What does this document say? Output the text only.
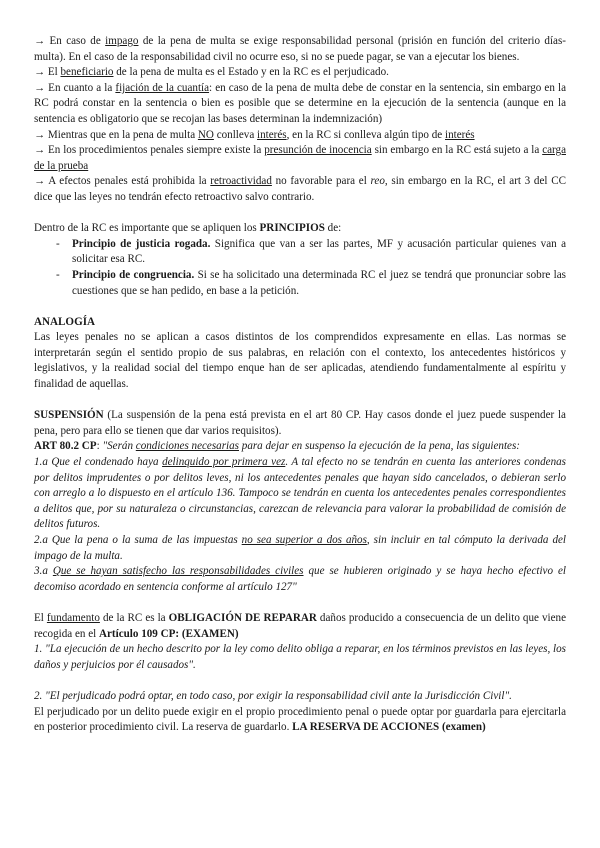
→ En caso de impago de la pena de multa se exige responsabilidad personal (prisión en función del criterio días-multa). En el caso de la responsabilidad civil no ocurre eso, si no se puede pagar, se van a ejecutar los bienes.

→ El beneficiario de la pena de multa es el Estado y en la RC es el perjudicado.

→ En cuanto a la fijación de la cuantía: en caso de la pena de multa debe de constar en la sentencia, sin embargo en la RC podrá constar en la sentencia o bien es posible que se determine en la ejecución de la sentencia (aunque en la sentencia es obligatorio que se recojan las bases determinan la indemnización)

→ Mientras que en la pena de multa NO conlleva interés, en la RC si conlleva algún tipo de interés

→ En los procedimientos penales siempre existe la presunción de inocencia sin embargo en la RC está sujeto a la carga de la prueba

→ A efectos penales está prohibida la retroactividad no favorable para el reo, sin embargo en la RC, el art 3 del CC dice que las leyes no tendrán efecto retroactivo salvo contrario.

Dentro de la RC es importante que se apliquen los PRINCIPIOS de:

- Principio de justicia rogada. Significa que van a ser las partes, MF y acusación particular quienes van a solicitar esa RC.
- Principio de congruencia. Si se ha solicitado una determinada RC el juez se tendrá que pronunciar sobre las cuestiones que se han pedido, en base a la petición.

ANALOGÍA

Las leyes penales no se aplican a casos distintos de los comprendidos expresamente en ellas. Las normas se interpretarán según el sentido propio de sus palabras, en relación con el contexto, los antecedentes históricos y legislativos, y la realidad social del tiempo enque han de ser aplicadas, atendiendo fundamentalmente al espíritu y finalidad de aquellas.

SUSPENSIÓN (La suspensión de la pena está prevista en el art 80 CP. Hay casos donde el juez puede suspender la pena, pero para ello se tienen que dar varios requisitos).

ART 80.2 CP: "Serán condiciones necesarias para dejar en suspenso la ejecución de la pena, las siguientes:

1.a Que el condenado haya delinquido por primera vez. A tal efecto no se tendrán en cuenta las anteriores condenas por delitos imprudentes o por delitos leves, ni los antecedentes penales que hayan sido cancelados, o debieran serlo con arreglo a lo dispuesto en el artículo 136. Tampoco se tendrán en cuenta los antecedentes penales correspondientes a delitos que, por su naturaleza o circunstancias, carezcan de relevancia para valorar la probabilidad de comisión de delitos futuros.

2.a Que la pena o la suma de las impuestas no sea superior a dos años, sin incluir en tal cómputo la derivada del impago de la multa.

3.a Que se hayan satisfecho las responsabilidades civiles que se hubieren originado y se haya hecho efectivo el decomiso acordado en sentencia conforme al artículo 127"

El fundamento de la RC es la OBLIGACIÓN DE REPARAR daños producido a consecuencia de un delito que viene recogida en el Artículo 109 CP: (EXAMEN)

1. "La ejecución de un hecho descrito por la ley como delito obliga a reparar, en los términos previstos en las leyes, los daños y perjuicios por él causados".

2. "El perjudicado podrá optar, en todo caso, por exigir la responsabilidad civil ante la Jurisdicción Civil".

El perjudicado por un delito puede exigir en el propio procedimiento penal o puede optar por guardarla para ejercitarla en posterior procedimiento civil. La reserva de guardarlo. LA RESERVA DE ACCIONES (examen)
